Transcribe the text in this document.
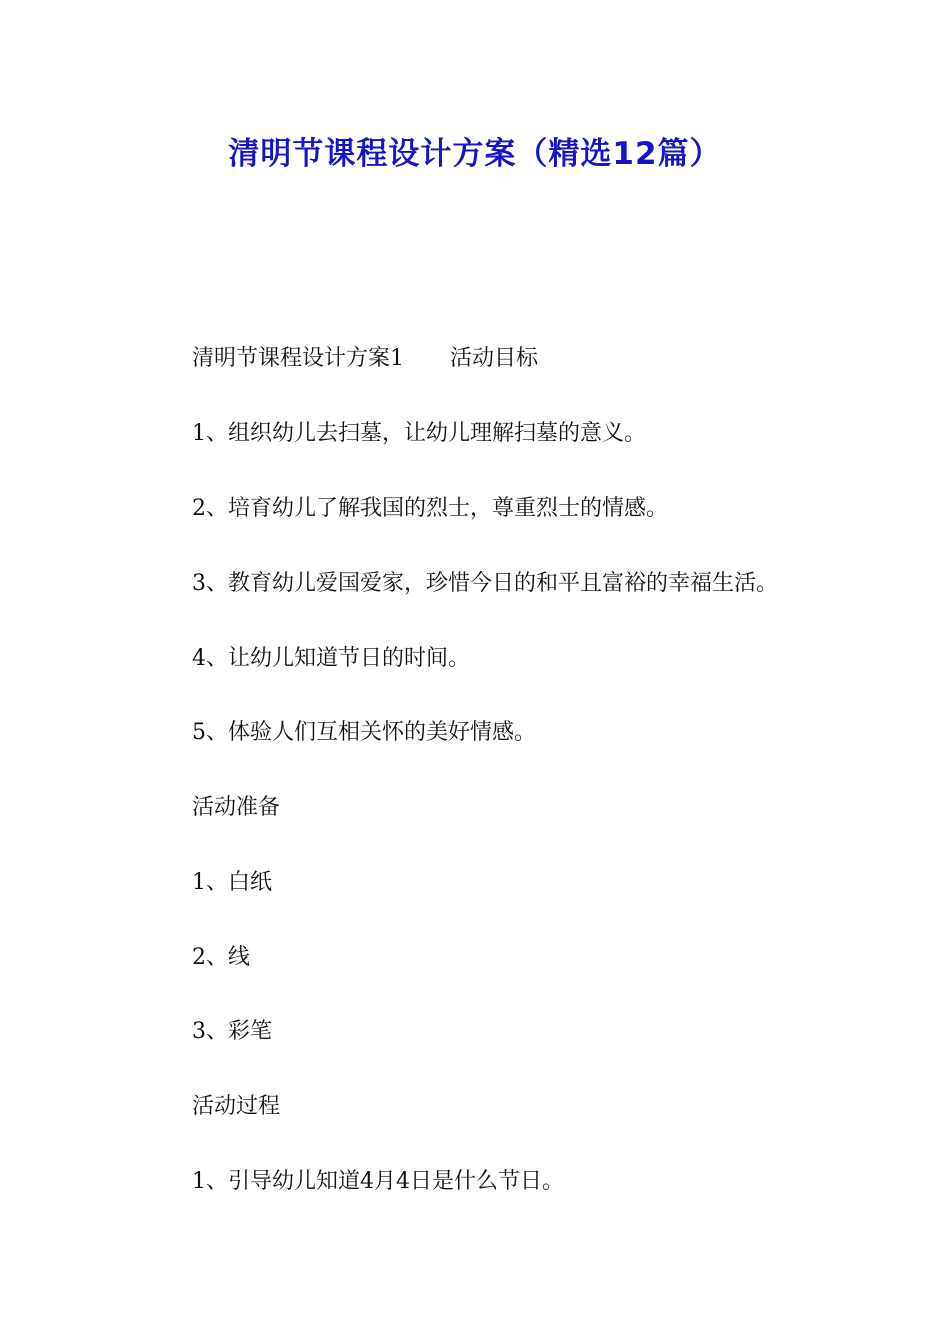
清明节课程设计方案（精选12篇）
清明节课程设计方案1 活动目标
1、组织幼儿去扫墓，让幼儿理解扫墓的意义。
2、培育幼儿了解我国的烈士，尊重烈士的情感。
3、教育幼儿爱国爱家，珍惜今日的和平且富裕的幸福生活。
4、让幼儿知道节日的时间。
5、体验人们互相关怀的美好情感。
活动准备
1、白纸
2、线
3、彩笔
活动过程
1、引导幼儿知道4月4日是什么节日。
